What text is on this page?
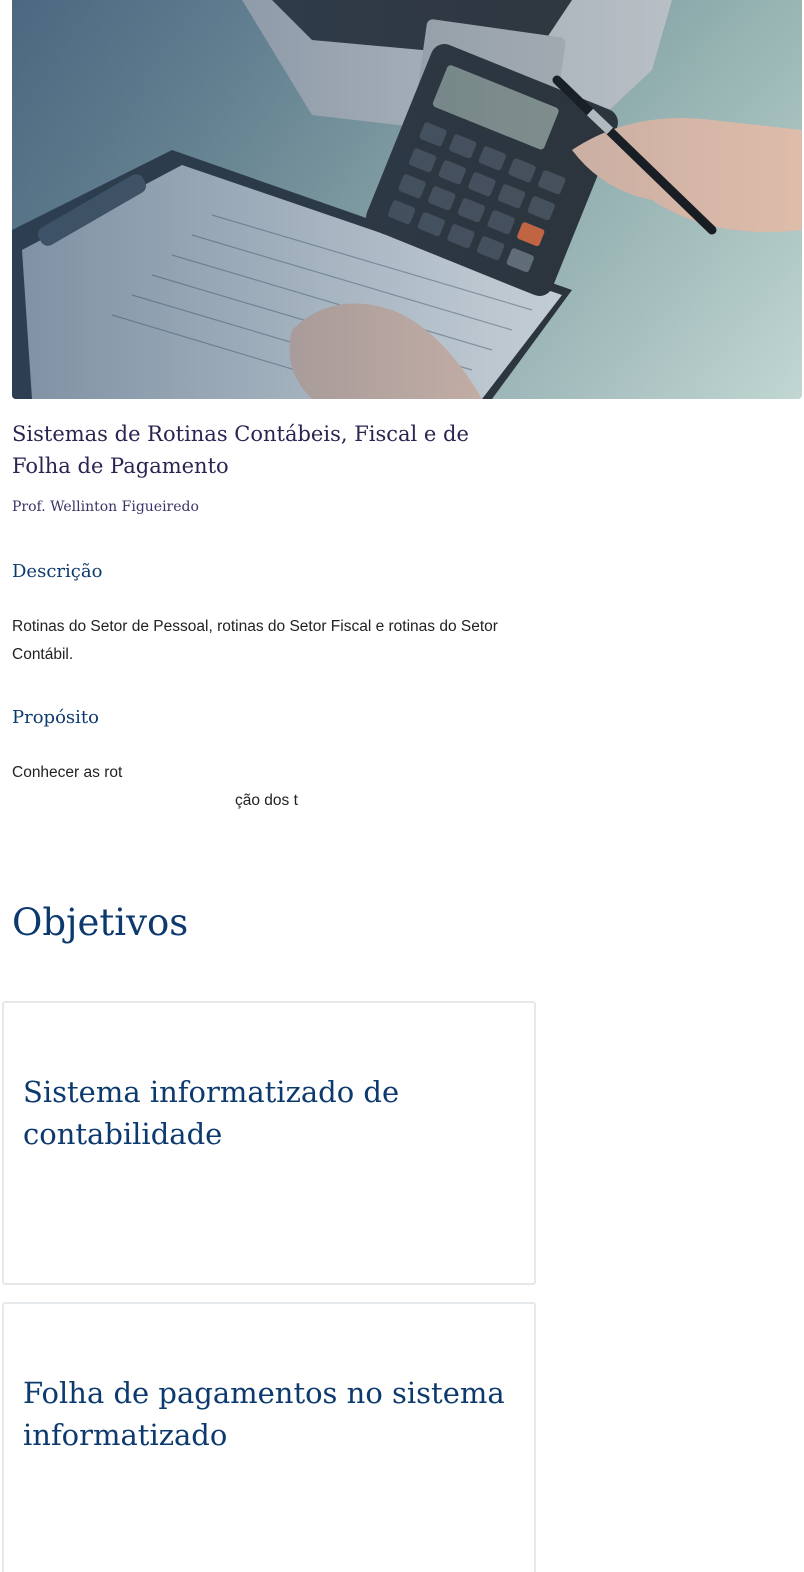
Sistemas de Rotinas Contábeis, Fiscal e de Folha de Pagamento

Prof. Wellinton Figueiredo

Descrição

Rotinas do Setor de Pessoal, rotinas do Setor Fiscal e rotinas do Setor Contábil.

Propósito

Conhecer as rot

ção dos t

Objetivos
Sistema informatizado de contabilidade
Folha de pagamentos no sistema informatizado
